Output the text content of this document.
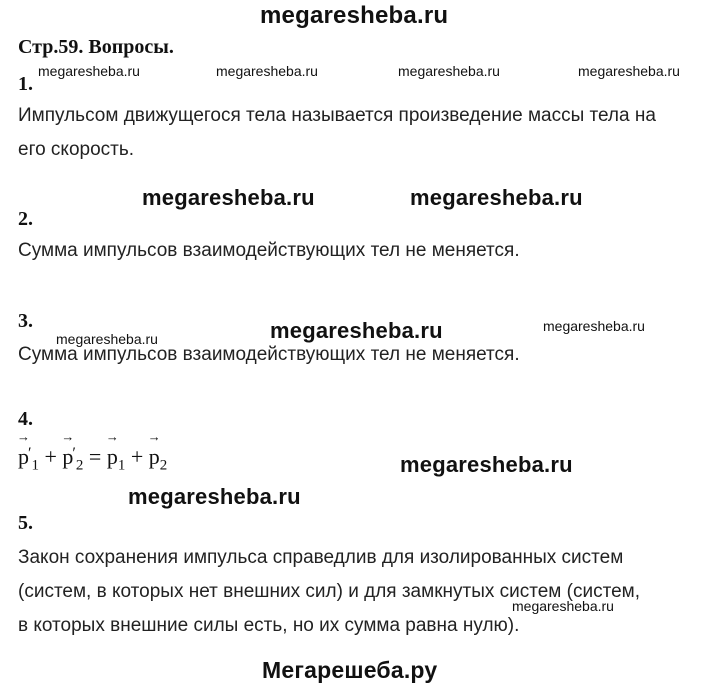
megaresheba.ru
Стр.59. Вопросы.
megaresheba.ru	megaresheba.ru	megaresheba.ru	megaresheba.ru
1.
Импульсом движущегося тела называется произведение массы тела на
его скорость.
megaresheba.ru	megaresheba.ru
2.
Сумма импульсов взаимодействующих тел не меняется.
3.
megaresheba.ru	megaresheba.ru	megaresheba.ru
Сумма импульсов взаимодействующих тел не меняется.
4.
→ $p'_1$ + → $p'_2$ = → $p_1$ + → $p_2$	megaresheba.ru
megaresheba.ru
5.
Закон сохранения импульса справедлив для изолированных систем
(систем, в которых нет внешних сил) и для замкнутых систем (систем,
megaresheba.ru
в которых внешние силы есть, но их сумма равна нулю).
Мегарешеба.ру
